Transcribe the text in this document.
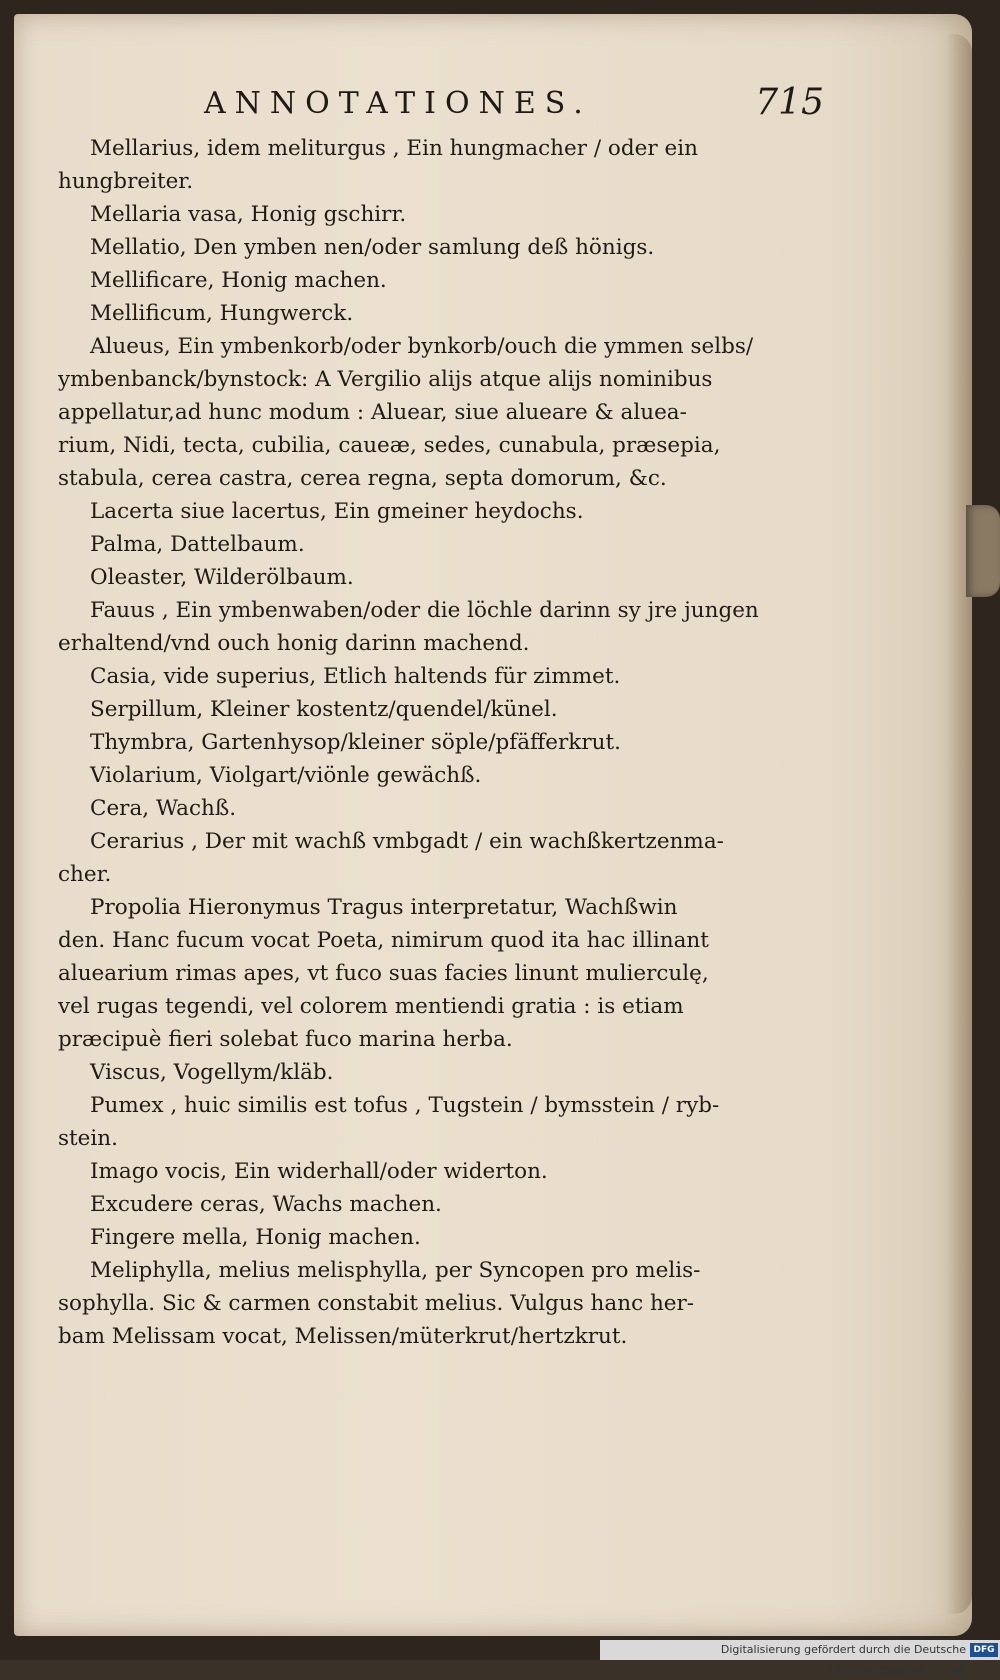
ANNOTATIONES.	715
Mellarius, idem meliturgus , Ein hungmacher / oder ein
hungbreiter.
Mellaria vasa, Honig gschirr.
Mellatio, Den ymben nen/oder samlung deß hönigs.
Mellificare, Honig machen.
Mellificum, Hungwerck.
Alueus, Ein ymbenkorb/oder bynkorb/ouch die ymmen selbs/
ymbenbanck/bynstock: A Vergilio alijs atque alijs nominibus
appellatur,ad hunc modum : Aluear, siue alueare & aluea-
rium, Nidi, tecta, cubilia, caueæ, sedes, cunabula, præsepia,
stabula, cerea castra, cerea regna, septa domorum, &c.
Lacerta siue lacertus, Ein gmeiner heydochs.
Palma, Dattelbaum.
Oleaster, Wilderölbaum.
Fauus , Ein ymbenwaben/oder die löchle darinn sy jre jungen
erhaltend/vnd ouch honig darinn machend.
Casia, vide superius, Etlich haltends für zimmet.
Serpillum, Kleiner kostentz/quendel/künel.
Thymbra, Gartenhysop/kleiner söple/pfäfferkrut.
Violarium, Violgart/viönle gewächß.
Cera, Wachß.
Cerarius , Der mit wachß vmbgadt / ein wachßkertzenma-
cher.
Propolia Hieronymus Tragus interpretatur, Wachßwin
den. Hanc fucum vocat Poeta, nimirum quod ita hac illinant
aluearium rimas apes, vt fuco suas facies linunt mulierculę,
vel rugas tegendi, vel colorem mentiendi gratia : is etiam
præcipuè fieri solebat fuco marina herba.
Viscus, Vogellym/kläb.
Pumex , huic similis est tofus , Tugstein / bymsstein / ryb-
stein.
Imago vocis, Ein widerhall/oder widerton.
Excudere ceras, Wachs machen.
Fingere mella, Honig machen.
Meliphylla, melius melisphylla, per Syncopen pro melis-
sophylla. Sic & carmen constabit melius. Vulgus hanc her-
bam Melissam vocat, Melissen/müterkrut/hertzkrut.
Digitalisierung gefördert durch die Deutsche Forschungsgemeinschaft
DFG
